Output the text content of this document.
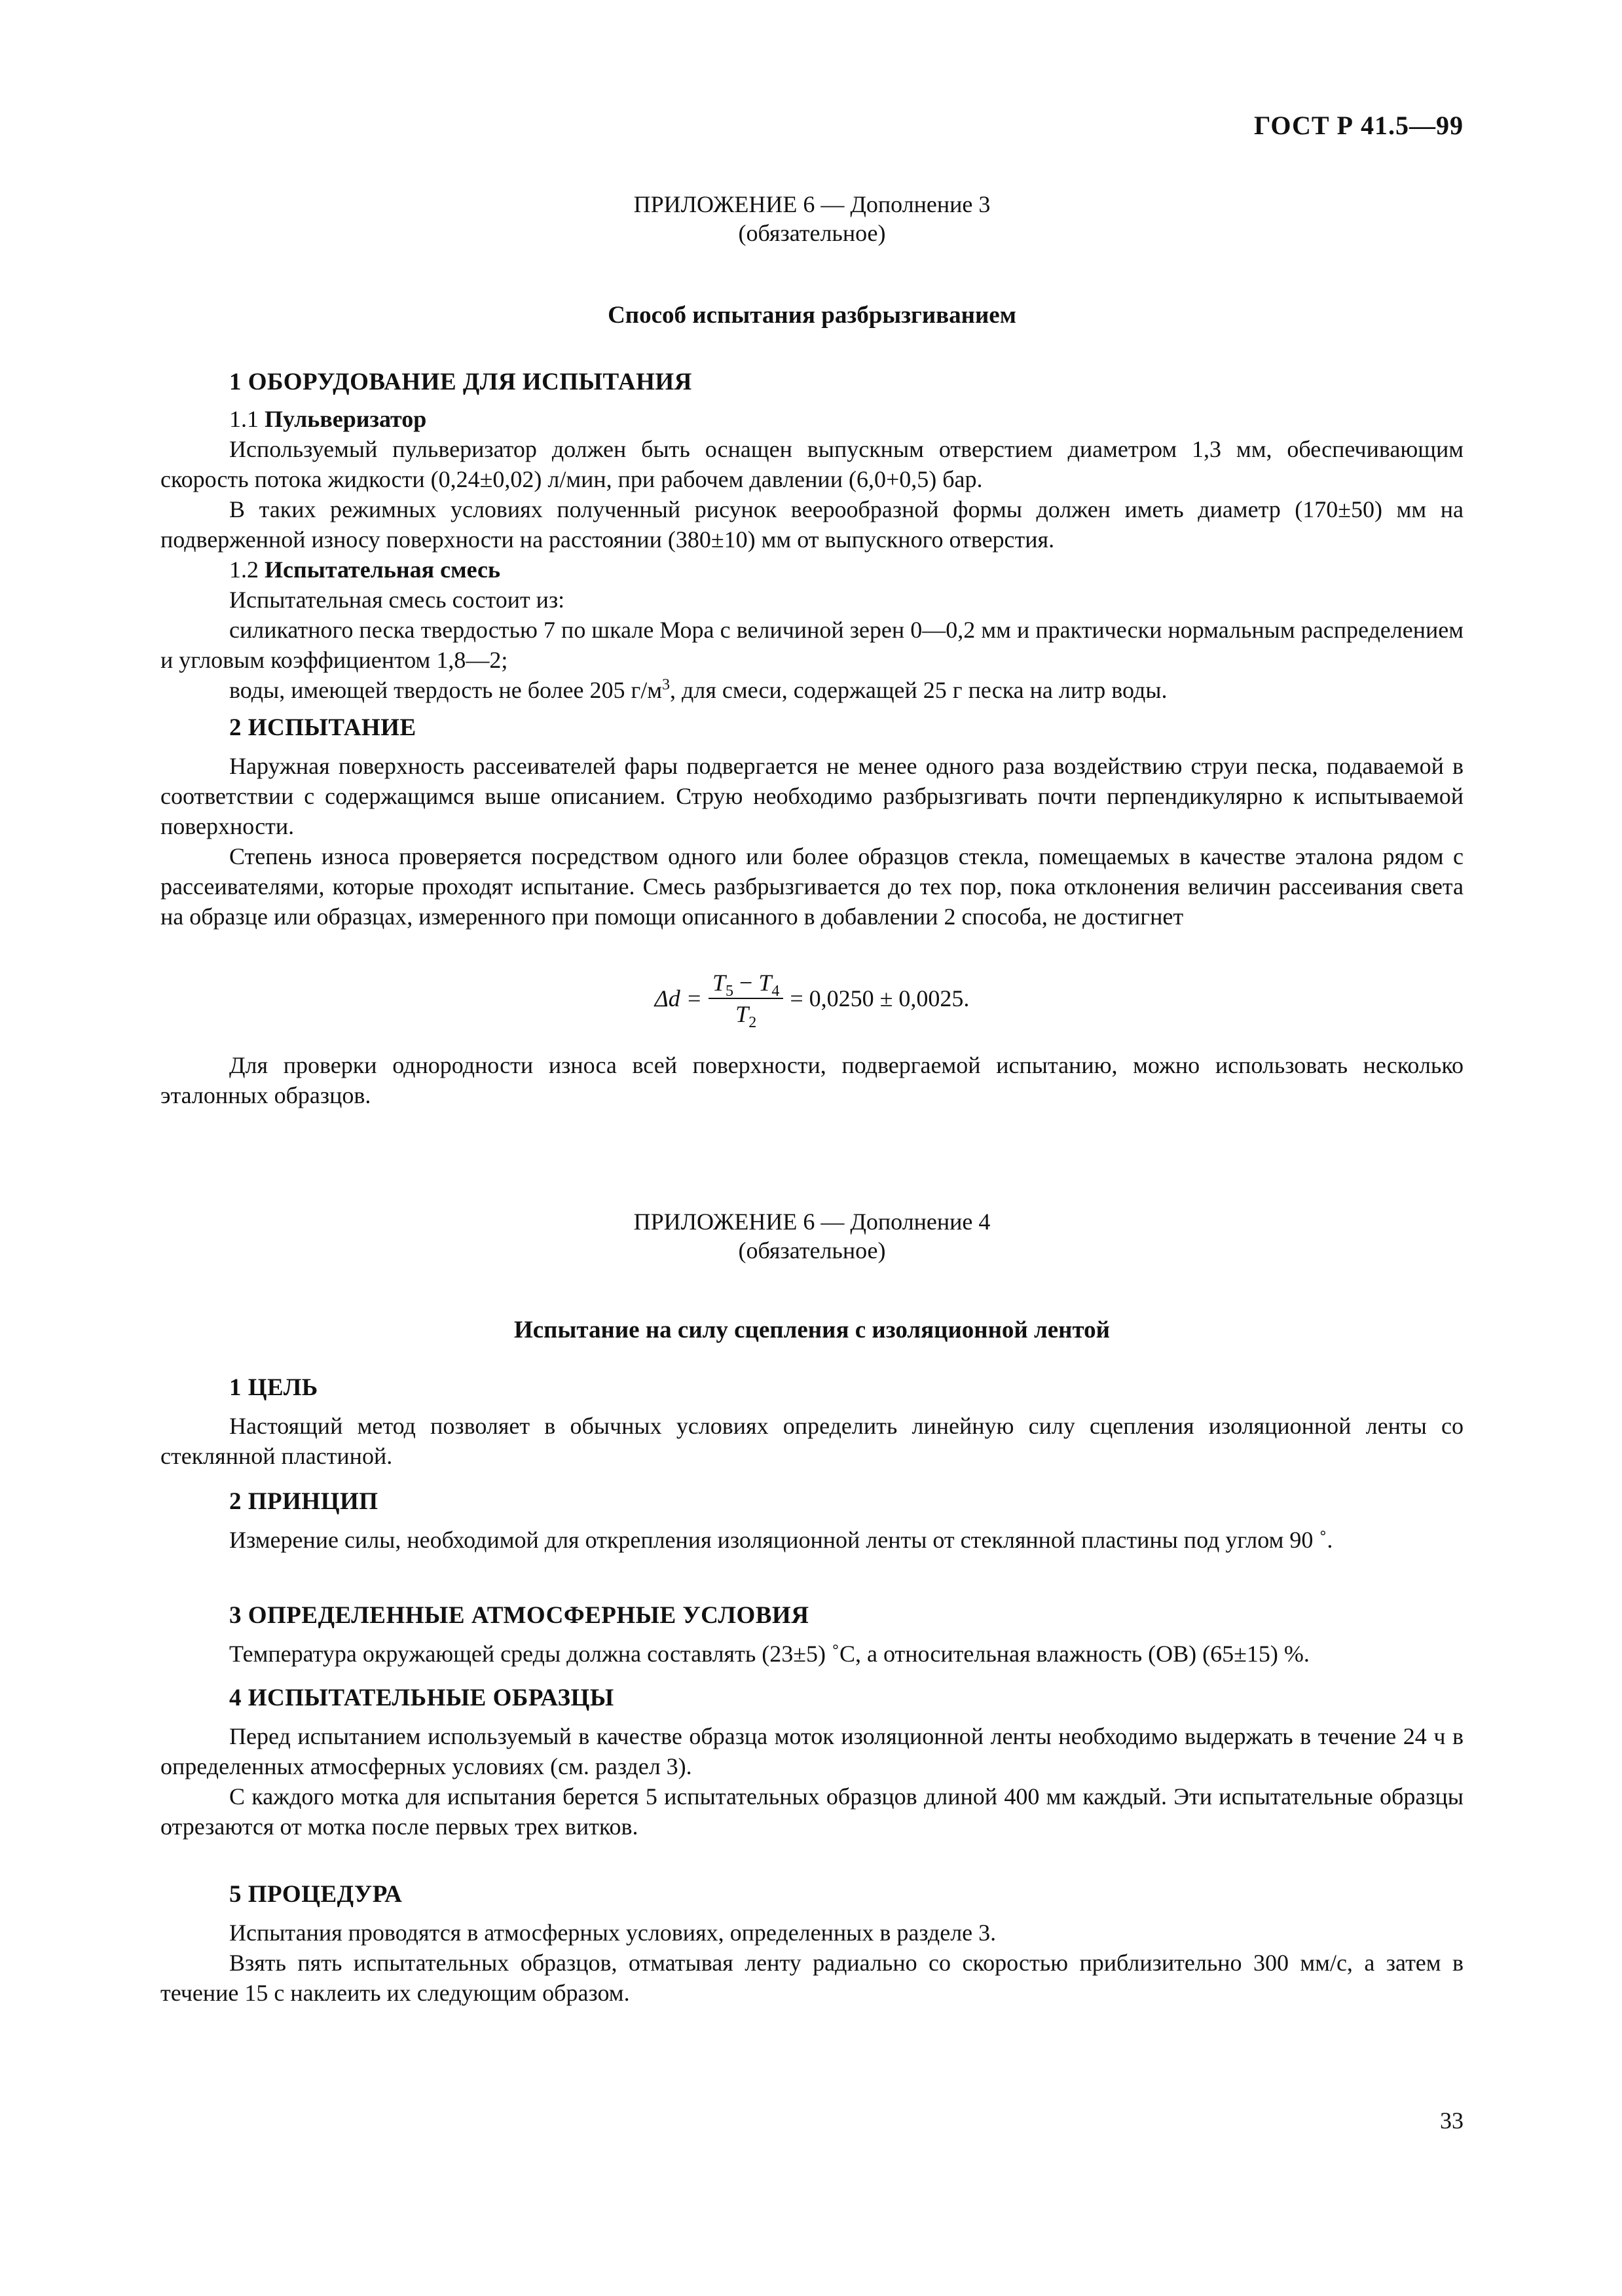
ГОСТ Р 41.5—99
ПРИЛОЖЕНИЕ 6 — Дополнение 3
(обязательное)
Способ испытания разбрызгиванием
1 ОБОРУДОВАНИЕ ДЛЯ ИСПЫТАНИЯ
1.1 Пульверизатор

Используемый пульверизатор должен быть оснащен выпускным отверстием диаметром 1,3 мм, обеспечивающим скорость потока жидкости (0,24±0,02) л/мин, при рабочем давлении (6,0+0,5) бар.

В таких режимных условиях полученный рисунок веерообразной формы должен иметь диаметр (170±50) мм на подверженной износу поверхности на расстоянии (380±10) мм от выпускного отверстия.

1.2 Испытательная смесь

Испытательная смесь состоит из:

силикатного песка твердостью 7 по шкале Мора с величиной зерен 0—0,2 мм и практически нормальным распределением и угловым коэффициентом 1,8—2;

воды, имеющей твердость не более 205 $г/м^3$, для смеси, содержащей 25 г песка на литр воды.

2 ИСПЫТАНИЕ

Наружная поверхность рассеивателей фары подвергается не менее одного раза воздействию струи песка, подаваемой в соответствии с содержащимся выше описанием. Струю необходимо разбрызгивать почти перпендикулярно к испытываемой поверхности.

Степень износа проверяется посредством одного или более образцов стекла, помещаемых в качестве эталона рядом с рассеивателями, которые проходят испытание. Смесь разбрызгивается до тех пор, пока отклонения величин рассеивания света на образце или образцах, измеренного при помощи описанного в добавлении 2 способа, не достигнет

$\Delta d = \frac{T_5 - T_4}{T_2} = 0,0250 \pm 0,0025$.

Для проверки однородности износа всей поверхности, подвергаемой испытанию, можно использовать несколько эталонных образцов.

ПРИЛОЖЕНИЕ 6 — Дополнение 4
(обязательное)
Испытание на силу сцепления с изоляционной лентой
1 ЦЕЛЬ

Настоящий метод позволяет в обычных условиях определить линейную силу сцепления изоляционной ленты со стеклянной пластиной.

2 ПРИНЦИП

Измерение силы, необходимой для открепления изоляционной ленты от стеклянной пластины под углом 90 ˚.

3 ОПРЕДЕЛЕННЫЕ АТМОСФЕРНЫЕ УСЛОВИЯ

Температура окружающей среды должна составлять (23±5) ˚С, а относительная влажность (ОВ) (65±15) %.

4 ИСПЫТАТЕЛЬНЫЕ ОБРАЗЦЫ

Перед испытанием используемый в качестве образца моток изоляционной ленты необходимо выдержать в течение 24 ч в определенных атмосферных условиях (см. раздел 3).

С каждого мотка для испытания берется 5 испытательных образцов длиной 400 мм каждый. Эти испытательные образцы отрезаются от мотка после первых трех витков.

5 ПРОЦЕДУРА

Испытания проводятся в атмосферных условиях, определенных в разделе 3.

Взять пять испытательных образцов, отматывая ленту радиально со скоростью приблизительно 300 мм/с, а затем в течение 15 с наклеить их следующим образом.

33
